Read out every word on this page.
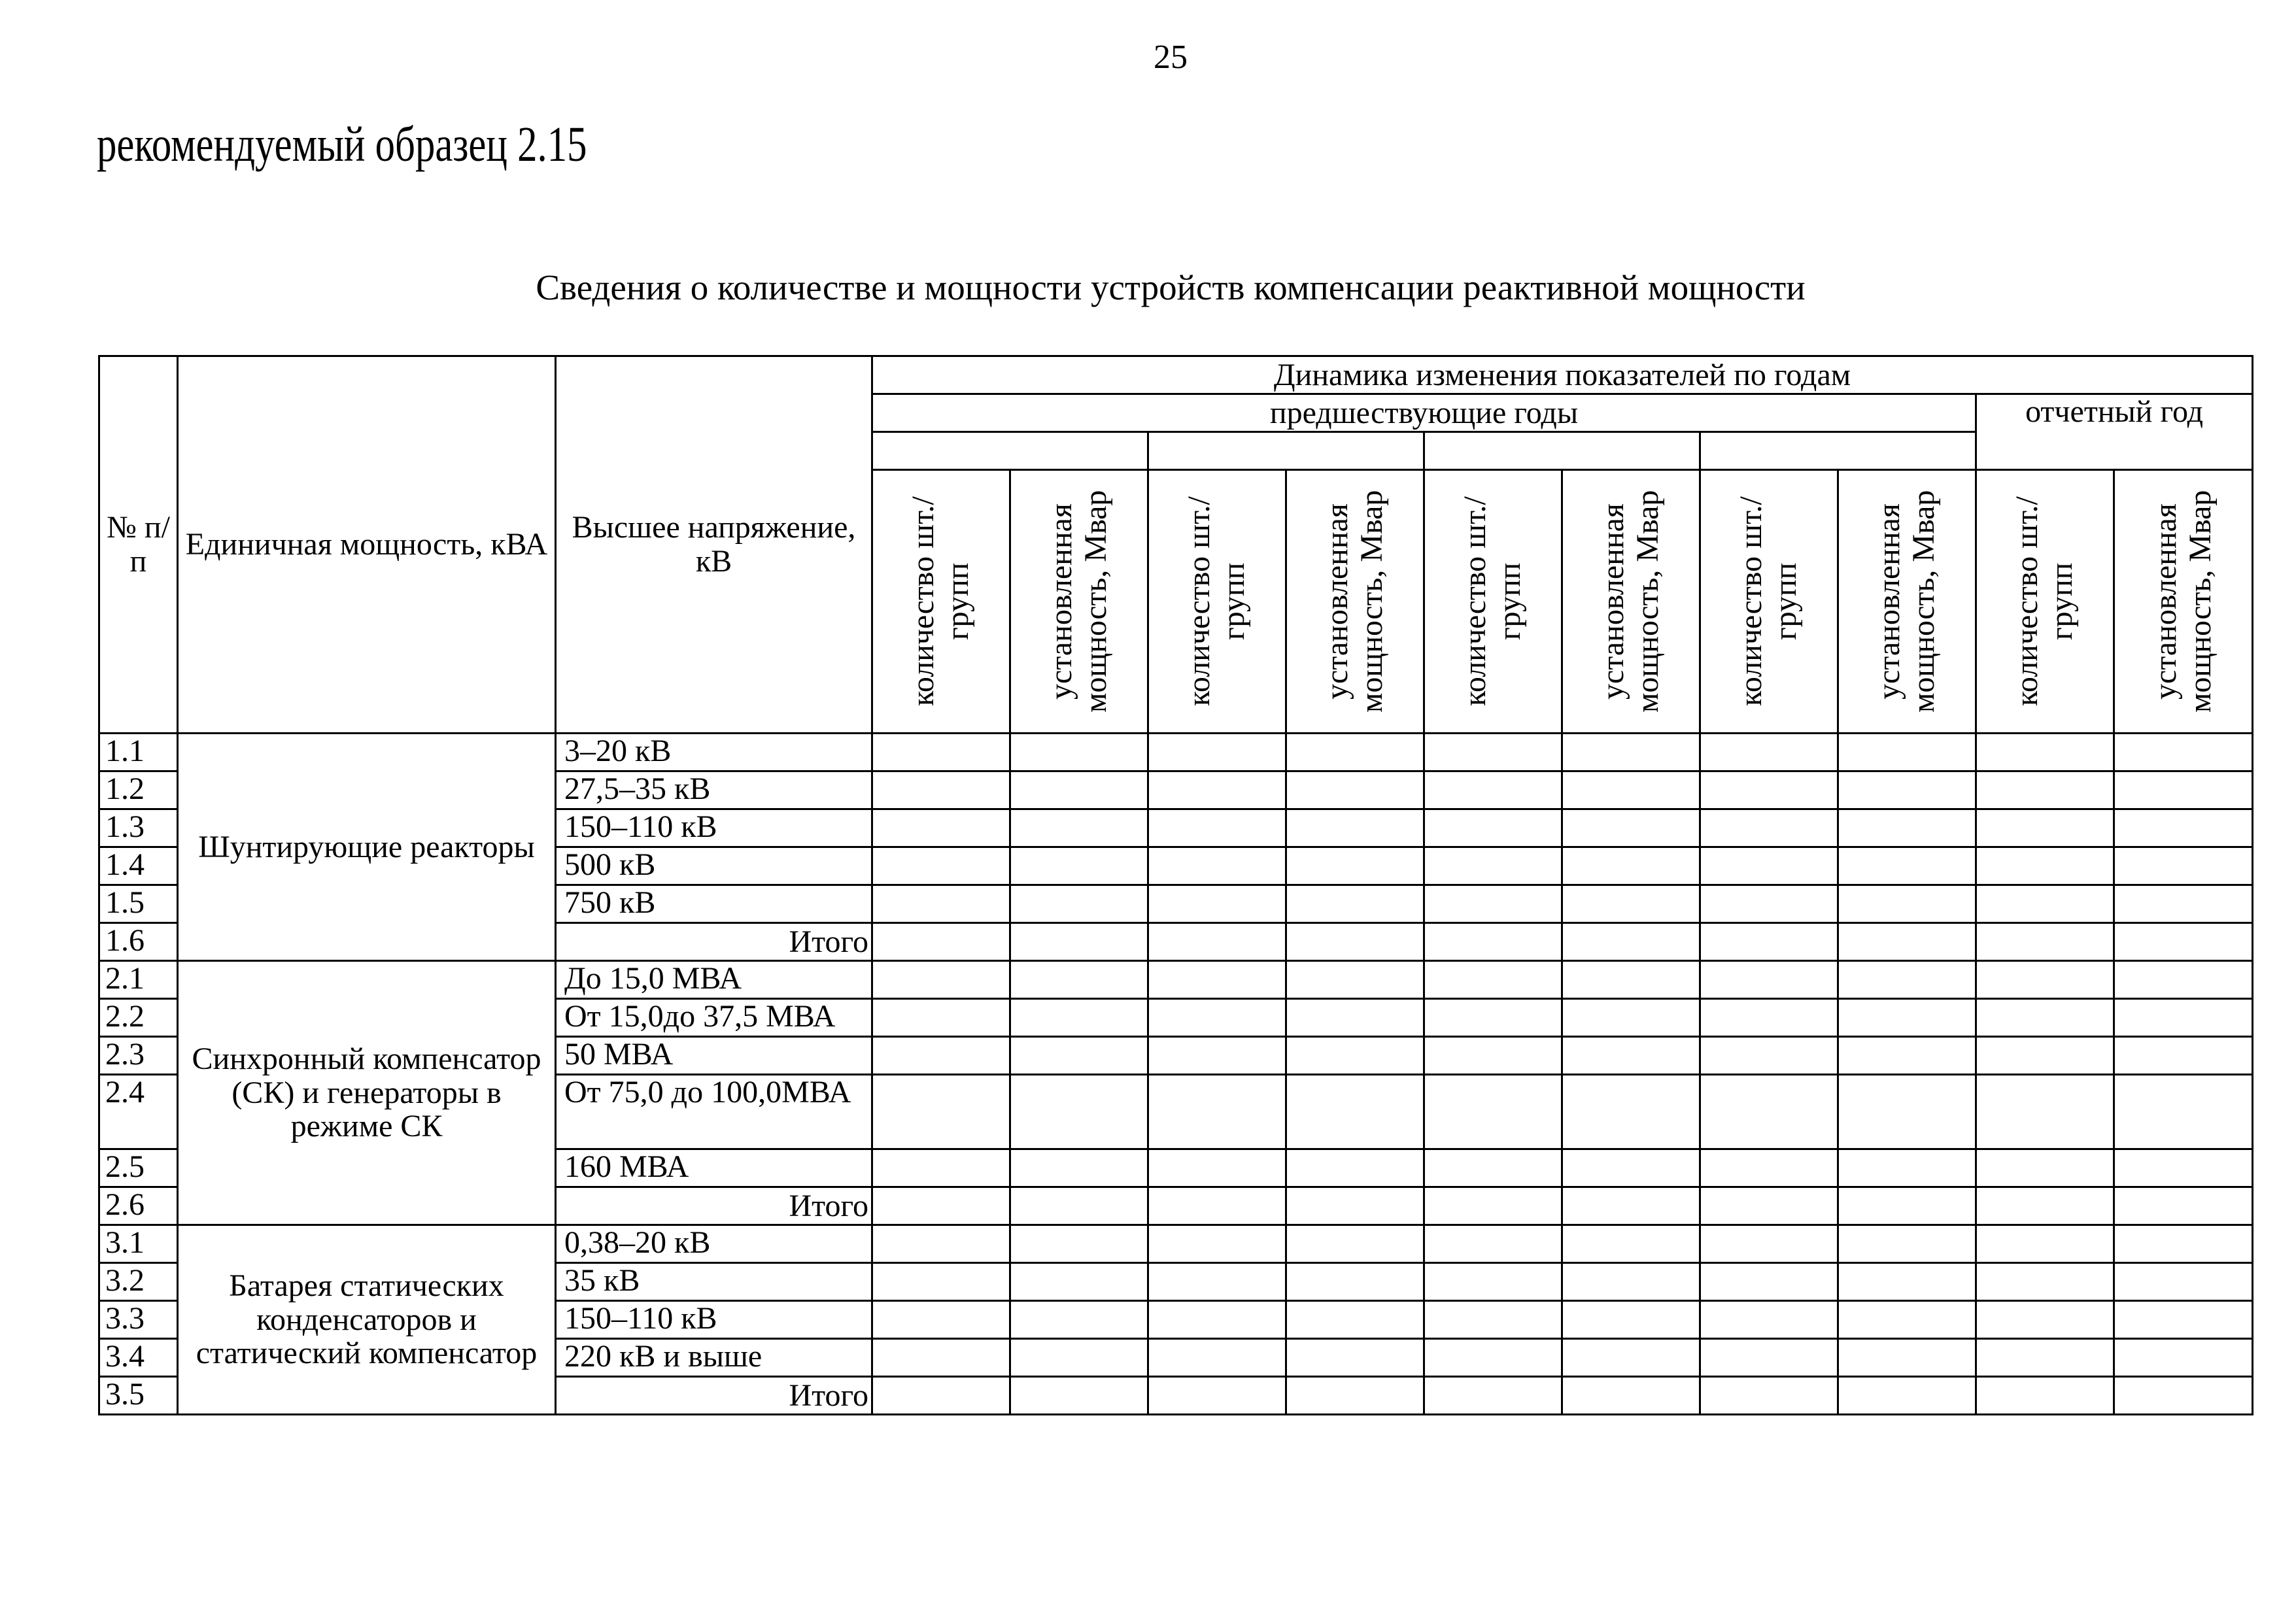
25
рекомендуемый образец 2.15
Сведения о количестве и мощности устройств компенсации реактивной мощности
№ п/п	Единичная мощность, кВА	Высшее напряжение, кВ	Динамика изменения показателей по годам									
			предшествующие годы								отчетный год	

			количество шт./групп	установленная мощность, Мвар	количество шт./групп	установленная мощность, Мвар	количество шт./групп	установленная мощность, Мвар	количество шт./групп	установленная мощность, Мвар	количество шт./групп	установленная мощность, Мвар

1.1	Шунтирующие реакторы	3–20 кВ										
1.2		27,5–35 кВ										
1.3		150–110 кВ										
1.4		500 кВ										
1.5		750 кВ										
1.6		Итого										
2.1	Синхронный компенсатор (СК) и генераторы в режиме СК	До 15,0 МВА										
2.2		От 15,0до 37,5 МВА										
2.3		50 МВА										
2.4		От 75,0 до 100,0МВА										
2.5		160 МВА										
2.6		Итого										
3.1	Батарея статических конденсаторов и статический компенсатор	0,38–20 кВ										
3.2		35 кВ										
3.3		150–110 кВ										
3.4		220 кВ и выше										
3.5		Итого										
